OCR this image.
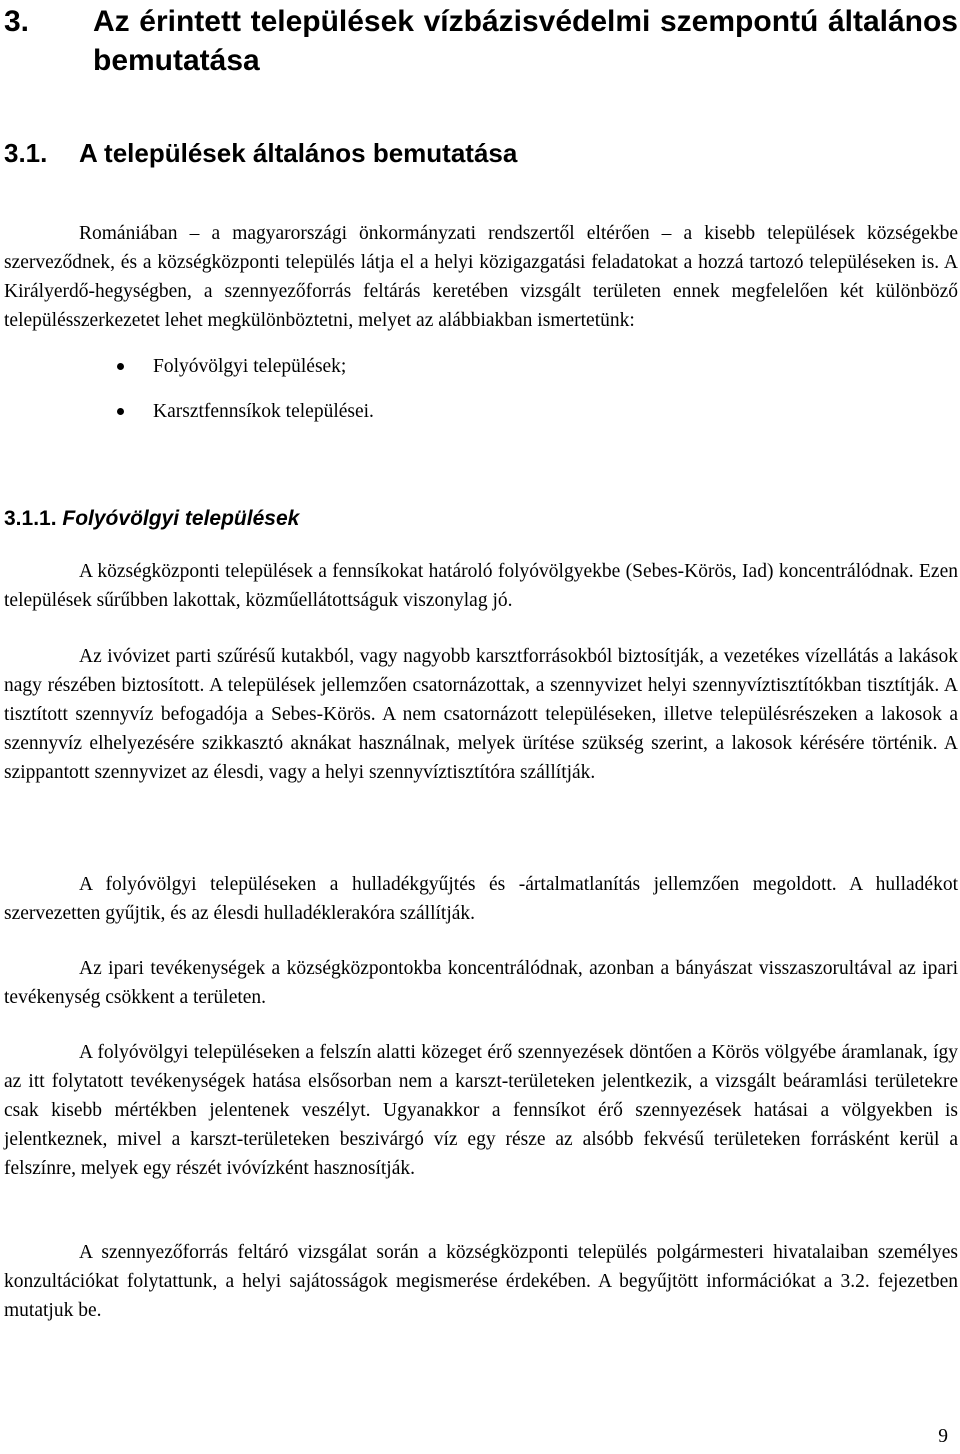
3. Az érintett települések vízbázisvédelmi szempontú általános bemutatása
3.1. A települések általános bemutatása

Romániában – a magyarországi önkormányzati rendszertől eltérően – a kisebb települések községekbe szerveződnek, és a községközponti település látja el a helyi közigazgatási feladatokat a hozzá tartozó településeken is. A Királyerdő-hegységben, a szennyezőforrás feltárás keretében vizsgált területen ennek megfelelően két különböző településszerkezetet lehet megkülönböztetni, melyet az alábbiakban ismertetünk:

Folyóvölgyi települések;
Karsztfennsíkok települései.
3.1.1. Folyóvölgyi települések

A községközponti települések a fennsíkokat határoló folyóvölgyekbe (Sebes-Körös, Iad) koncentrálódnak. Ezen települések sűrűbben lakottak, közműellátottságuk viszonylag jó.

Az ivóvizet parti szűrésű kutakból, vagy nagyobb karsztforrásokból biztosítják, a vezetékes vízellátás a lakások nagy részében biztosított. A települések jellemzően csatornázottak, a szennyvizet helyi szennyvíztisztítókban tisztítják. A tisztított szennyvíz befogadója a Sebes-Körös. A nem csatornázott településeken, illetve településrészeken a lakosok a szennyvíz elhelyezésére szikkasztó aknákat használnak, melyek ürítése szükség szerint, a lakosok kérésére történik. A szippantott szennyvizet az élesdi, vagy a helyi szennyvíztisztítóra szállítják.

A folyóvölgyi településeken a hulladékgyűjtés és -ártalmatlanítás jellemzően megoldott. A hulladékot szervezetten gyűjtik, és az élesdi hulladéklerakóra szállítják.

Az ipari tevékenységek a községközpontokba koncentrálódnak, azonban a bányászat visszaszorultával az ipari tevékenység csökkent a területen.

A folyóvölgyi településeken a felszín alatti közeget érő szennyezések döntően a Körös völgyébe áramlanak, így az itt folytatott tevékenységek hatása elsősorban nem a karszt-területeken jelentkezik, a vizsgált beáramlási területekre csak kisebb mértékben jelentenek veszélyt. Ugyanakkor a fennsíkot érő szennyezések hatásai a völgyekben is jelentkeznek, mivel a karszt-területeken beszivárgó víz egy része az alsóbb fekvésű területeken forrásként kerül a felszínre, melyek egy részét ivóvízként hasznosítják.

A szennyezőforrás feltáró vizsgálat során a községközponti település polgármesteri hivatalaiban személyes konzultációkat folytattunk, a helyi sajátosságok megismerése érdekében. A begyűjtött információkat a 3.2. fejezetben mutatjuk be.

9
